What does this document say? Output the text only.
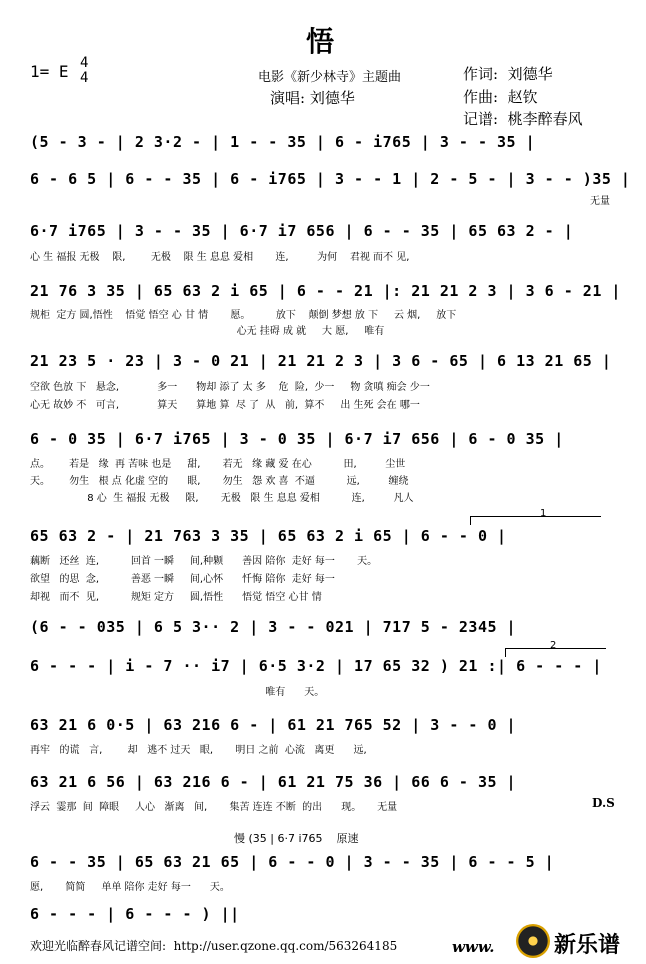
悟
1= E 4
4	电影《新少林寺》主题曲
演唱: 刘德华
作词:  刘德华
作曲:  赵钦
记谱:  桃李醉春风
(5 - 3 - | 2 3·2 - | 1 - - 35 | 6 - i765 | 3 - - 35 |
6 - 6 5 | 6 - - 35 | 6 - i765 | 3 - - 1 | 2 - 5 - | 3 - - )35 |
无量
6·7 i765 | 3 - - 35 | 6·7 i7 656 | 6 - - 35 | 65 63 2 - |
心 生 福报 无极    限,        无极    限 生 息息 爱相       连,         为何    君视 而不 见,
21 76 3 35 | 65 63 2 i 65 | 6 - - 21 |: 21 21 2 3 | 3 6 - 21 |
规柜  定方 圆,悟性    悟觉 悟空 心 甘 情       愿。        放下    颠倒 梦想 放 下     云 烟,     放下
心无 挂碍 成 就     大 愿,     唯有
21 23 5 · 23 | 3 - 0 21 | 21 21 2 3 | 3 6 - 65 | 6 13 21 65 |
空欲 色放 下   悬念,            多一      物却 添了 太 多    危  险,  少一     物 贪嗔 痴会 少一
心无 故妙 不   可言,            算天      算地 算  尽 了  从   前,  算不     出 生死 会在 哪一
6 - 0 35 | 6·7 i765 | 3 - 0 35 | 6·7 i7 656 | 6 - 0 35 |
点。      若是   缘  再 苦味 也是     甜,       若无   缘 藏 爱 在心          田,         尘世
天。      勿生   根 点 化虚 空的      眼,       勿生   怨 欢 喜  不逼          远,         缠绕
8 心  生 福报 无极     限,       无极   限 生 息息 爱相          连,         凡人
1
65 63 2 - | 21 763 3 35 | 65 63 2 i 65 | 6 - - 0 |
藕断   还丝  连,          回首 一瞬     间,种颗      善因 陪你  走好 每一       天。
欲望   的思  念,          善恶 一瞬     间,心怀      忏悔 陪你  走好 每一
却视   而不  见,          规矩 定方     圆,悟性      悟觉 悟空 心甘 情
(6 - - 035 | 6 5 3·· 2 | 3 - - 021 | 717 5 - 2345 |
2
6 - - - | i - 7 ·· i7 | 6·5 3·2 | 17 65 32 ) 21 :| 6 - - - |
唯有      天。
63 21 6 0·5 | 63 216 6 - | 61 21 765 52 | 3 - - 0 |
再牢   的谎   言,        却   逃不 过天   眼,       明日 之前  心流   离更      远,
63 21 6 56 | 63 216 6 - | 61 21 75 36 | 66 6 - 35 |
浮云  霎那  间  障眼     人心   渐离   间,       集苦 连连 不断  的出      现。     无量	D.S
慢 (35 | 6·7 i765    原速
6 - - 35 | 65 63 21 65 | 6 - - 0 | 3 - - 35 | 6 - - 5 |
愿,       简简     单单 陪你 走好 每一      天。
6 - - - | 6 - - - ) ||
欢迎光临醉春风记谱空间:  http://user.qzone.qq.com/563264185	www.	新乐谱
